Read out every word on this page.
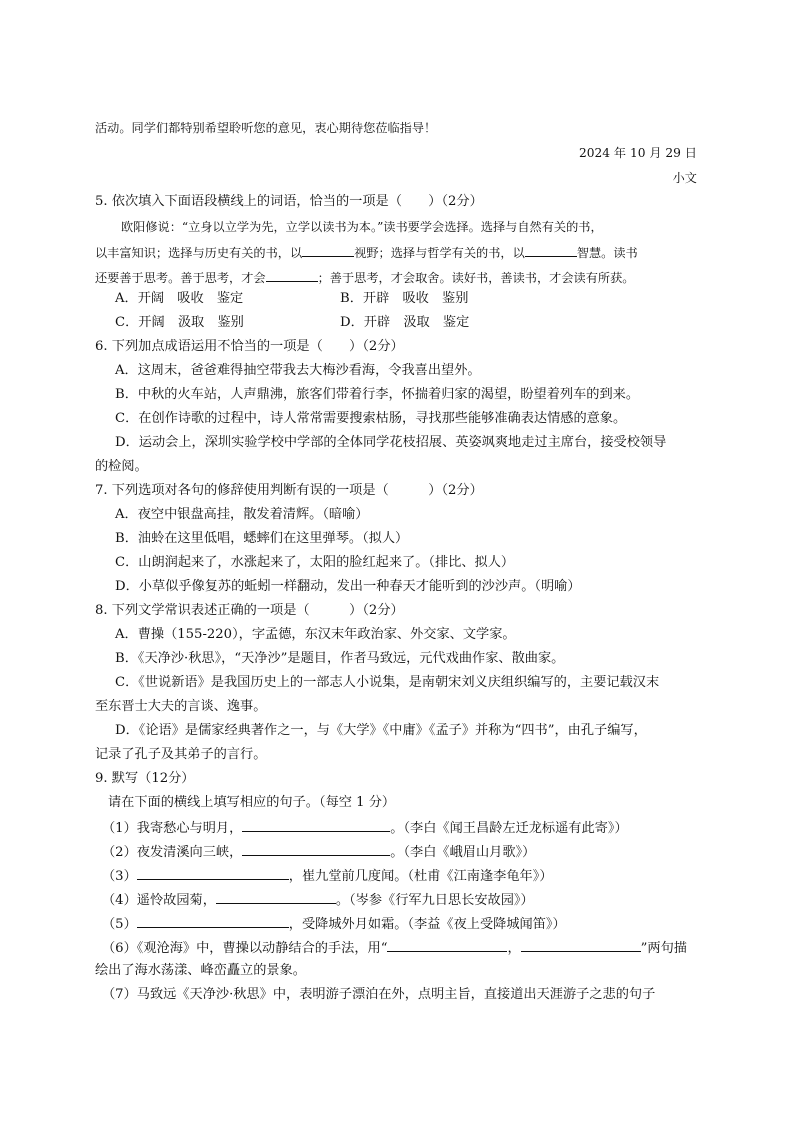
活动。同学们都特别希望聆听您的意见，衷心期待您莅临指导！
2024 年 10 月 29 日
小文
5. 依次填入下面语段横线上的词语，恰当的一项是（　　）（2分）
欧阳修说：“立身以立学为先，立学以读书为本。”读书要学会选择。选择与自然有关的书，
以丰富知识；选择与历史有关的书，以	视野；选择与哲学有关的书，以	智慧。读书
还要善于思考。善于思考，才会	；善于思考，才会取舍。读好书，善读书，才会读有所获。
A．开阔　吸收　鉴定	B．开辟　吸收　鉴别
C．开阔　汲取　鉴别	D．开辟　汲取　鉴定
6. 下列加点成语运用不恰当的一项是（　　）（2分）
A．这周末，爸爸难得抽空带我去大梅沙看海，令我喜出望外。
B．中秋的火车站，人声鼎沸，旅客们带着行李，怀揣着归家的渴望，盼望着列车的到来。
C．在创作诗歌的过程中，诗人常常需要搜索枯肠，寻找那些能够准确表达情感的意象。
D．运动会上，深圳实验学校中学部的全体同学花枝招展、英姿飒爽地走过主席台，接受校领导
的检阅。
7. 下列选项对各句的修辞使用判断有误的一项是（　　　）（2分）
A．夜空中银盘高挂，散发着清辉。（暗喻）
B．油蛉在这里低唱，蟋蟀们在这里弹琴。（拟人）
C．山朗润起来了，水涨起来了，太阳的脸红起来了。（排比、拟人）
D．小草似乎像复苏的蚯蚓一样翻动，发出一种春天才能听到的沙沙声。（明喻）
8. 下列文学常识表述正确的一项是（　　　）（2分）
A．曹操（155-220），字孟德，东汉末年政治家、外交家、文学家。
B．《天净沙·秋思》，“天净沙”是题目，作者马致远，元代戏曲作家、散曲家。
C．《世说新语》是我国历史上的一部志人小说集，是南朝宋刘义庆组织编写的，主要记载汉末
至东晋士大夫的言谈、逸事。
D．《论语》是儒家经典著作之一，与《大学》《中庸》《孟子》并称为“四书”，由孔子编写，
记录了孔子及其弟子的言行。
9. 默写（12分）
请在下面的横线上填写相应的句子。（每空 1 分）
（1）我寄愁心与明月，	。（李白《闻王昌龄左迁龙标遥有此寄》）
（2）夜发清溪向三峡，	。（李白《峨眉山月歌》）
（3）	，崔九堂前几度闻。（杜甫《江南逢李龟年》）
（4）遥怜故园菊，	。（岑参《行军九日思长安故园》）
（5）	，受降城外月如霜。（李益《夜上受降城闻笛》）
（6）《观沧海》中，曹操以动静结合的手法，用“	，	”两句描
绘出了海水荡漾、峰峦矗立的景象。
（7）马致远《天净沙·秋思》中，表明游子漂泊在外，点明主旨，直接道出天涯游子之悲的句子
